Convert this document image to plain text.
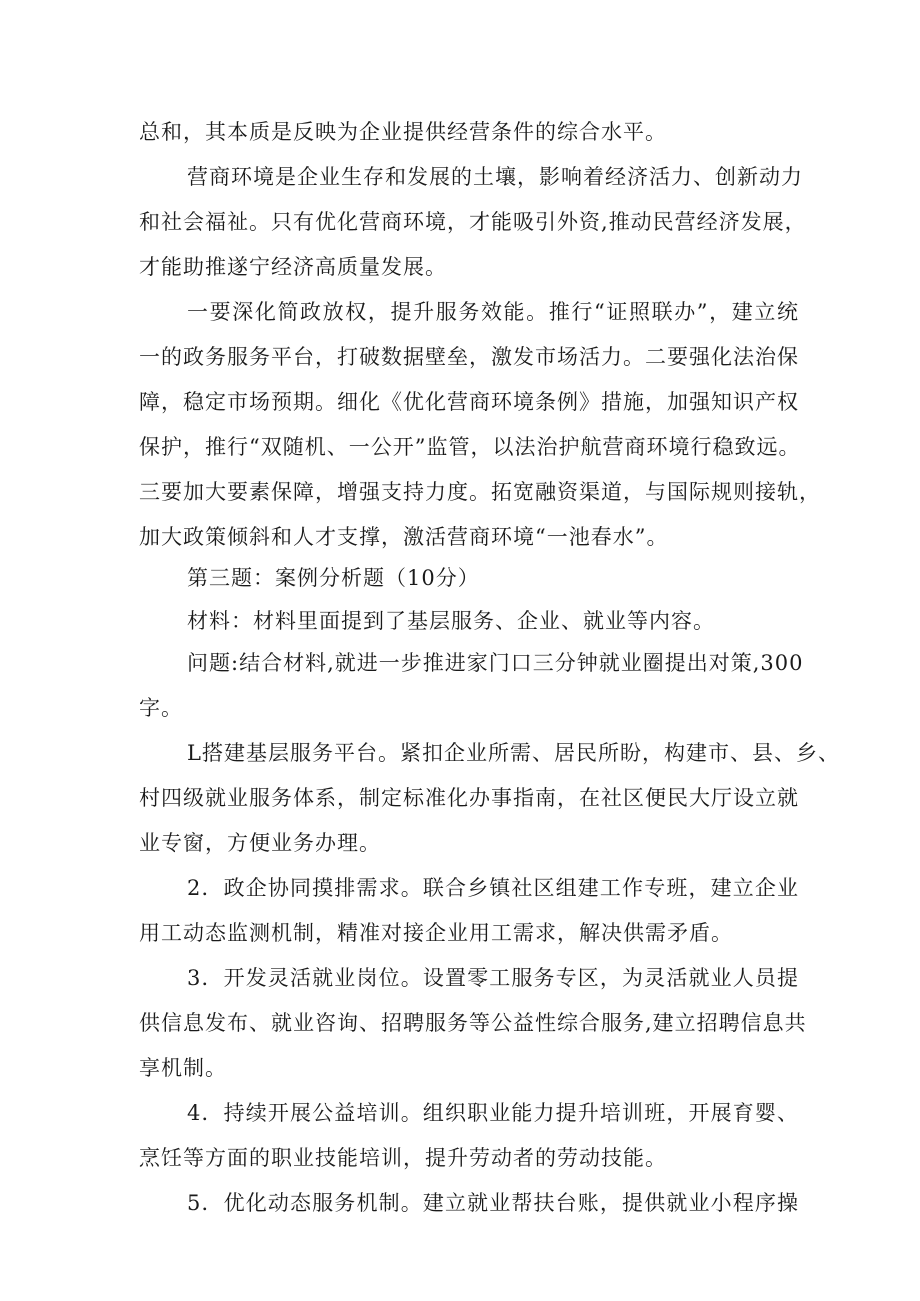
总和，其本质是反映为企业提供经营条件的综合水平。
营商环境是企业生存和发展的土壤，影响着经济活力、创新动力
和社会福祉。只有优化营商环境，才能吸引外资,推动民营经济发展，
才能助推遂宁经济高质量发展。
一要深化简政放权，提升服务效能。推行“证照联办”，建立统
一的政务服务平台，打破数据壁垒，激发市场活力。二要强化法治保
障，稳定市场预期。细化《优化营商环境条例》措施，加强知识产权
保护，推行“双随机、一公开”监管，以法治护航营商环境行稳致远。
三要加大要素保障，增强支持力度。拓宽融资渠道，与国际规则接轨，
加大政策倾斜和人才支撑，激活营商环境“一池春水”。
第三题：案例分析题（10分）
材料：材料里面提到了基层服务、企业、就业等内容。
问题:结合材料,就进一步推进家门口三分钟就业圈提出对策,300
字。
L搭建基层服务平台。紧扣企业所需、居民所盼，构建市、县、乡、
村四级就业服务体系，制定标准化办事指南，在社区便民大厅设立就
业专窗，方便业务办理。
2．政企协同摸排需求。联合乡镇社区组建工作专班，建立企业
用工动态监测机制，精准对接企业用工需求，解决供需矛盾。
3．开发灵活就业岗位。设置零工服务专区，为灵活就业人员提
供信息发布、就业咨询、招聘服务等公益性综合服务,建立招聘信息共
享机制。
4．持续开展公益培训。组织职业能力提升培训班，开展育婴、
烹饪等方面的职业技能培训，提升劳动者的劳动技能。
5．优化动态服务机制。建立就业帮扶台账，提供就业小程序操
